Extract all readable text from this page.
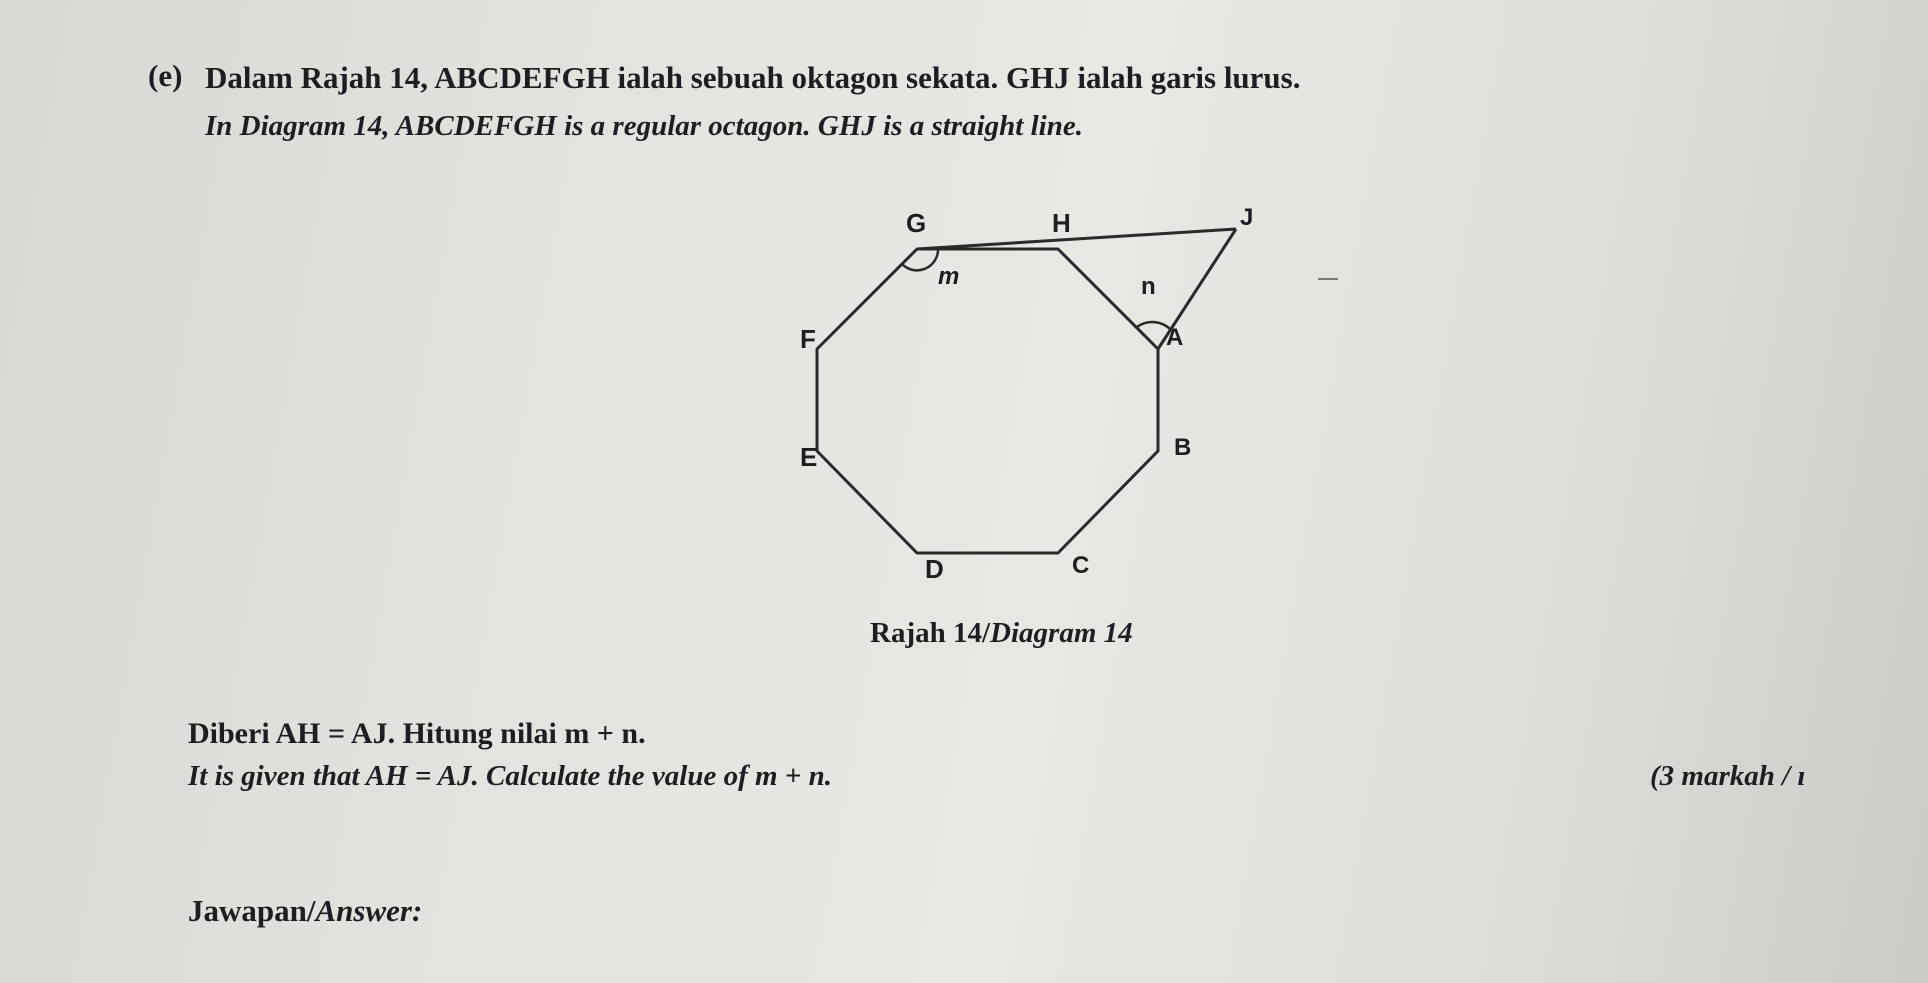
(e) Dalam Rajah 14, ABCDEFGH ialah sebuah oktagon sekata. GHJ ialah garis lurus.
In Diagram 14, ABCDEFGH is a regular octagon. GHJ is a straight line.
G	H	J
F	A
E	B
D	C
m	n
Rajah 14/Diagram 14
Diberi AH = AJ. Hitung nilai m + n.
It is given that AH = AJ. Calculate the value of m + n.	(3 markah / ı
Jawapan/Answer:
